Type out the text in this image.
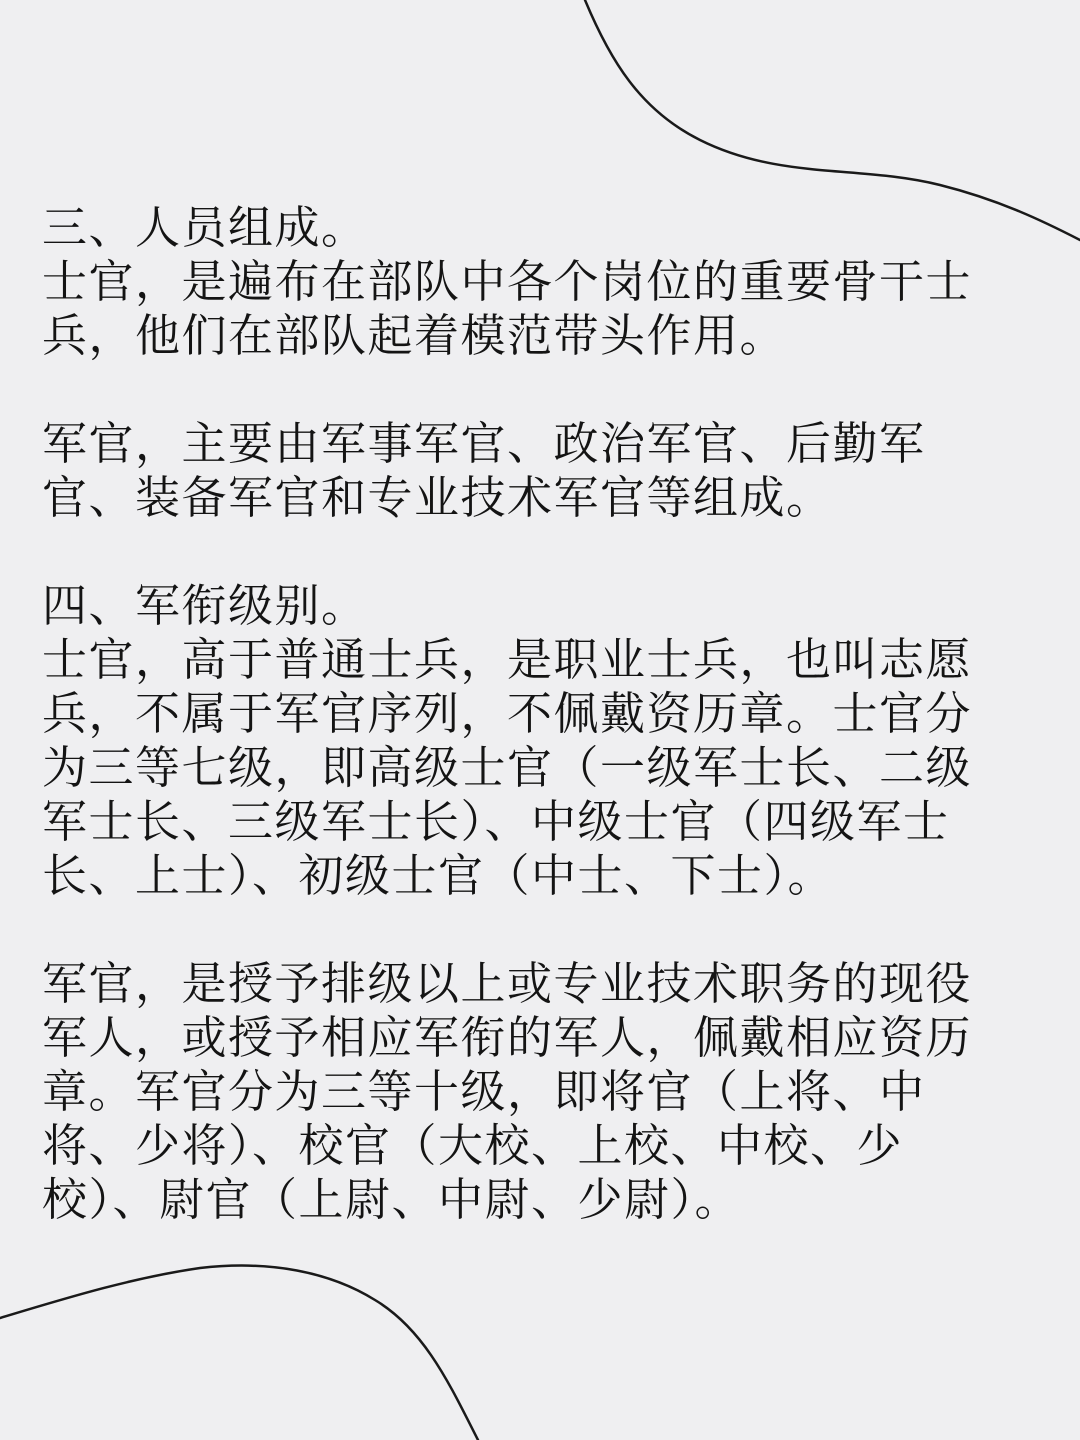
三、人员组成。
士官，是遍布在部队中各个岗位的重要骨干士
兵，他们在部队起着模范带头作用。
军官，主要由军事军官、政治军官、后勤军
官、装备军官和专业技术军官等组成。
四、军衔级别。
士官，高于普通士兵，是职业士兵，也叫志愿
兵，不属于军官序列，不佩戴资历章。士官分
为三等七级，即高级士官（一级军士长、二级
军士长、三级军士长）、中级士官（四级军士
长、上士）、初级士官（中士、下士）。
军官，是授予排级以上或专业技术职务的现役
军人，或授予相应军衔的军人，佩戴相应资历
章。军官分为三等十级，即将官（上将、中
将、少将）、校官（大校、上校、中校、少
校）、尉官（上尉、中尉、少尉）。
